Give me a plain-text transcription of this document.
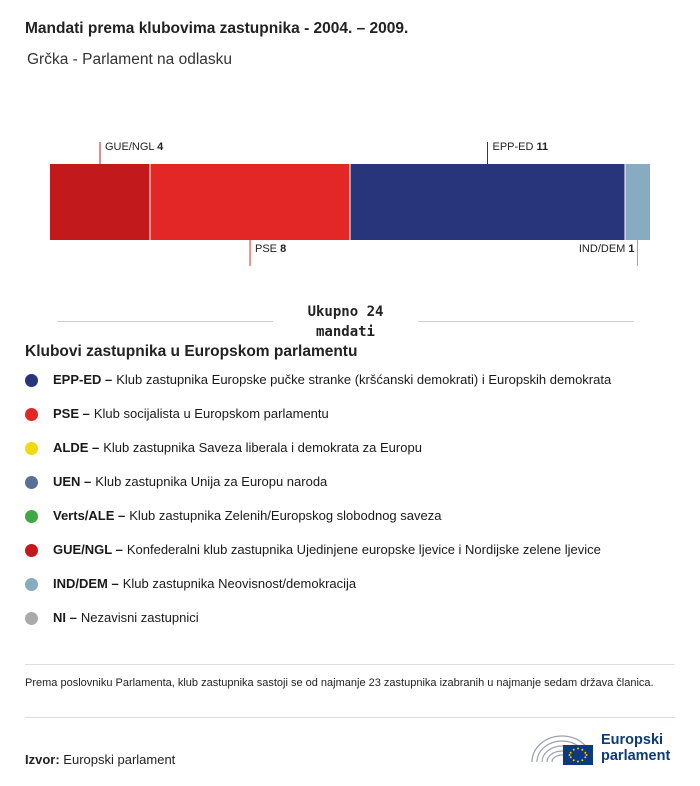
Mandati prema klubovima zastupnika - 2004. – 2009.
Grčka - Parlament na odlasku
GUE/NGL 4
PSE 8
EPP-ED 11
IND/DEM 1
Ukupno 24
mandati
Klubovi zastupnika u Europskom parlamentu
EPP-ED – Klub zastupnika Europske pučke stranke (kršćanski demokrati) i Europskih demokrata
PSE – Klub socijalista u Europskom parlamentu
ALDE – Klub zastupnika Saveza liberala i demokrata za Europu
UEN – Klub zastupnika Unija za Europu naroda
Verts/ALE – Klub zastupnika Zelenih/Europskog slobodnog saveza
GUE/NGL – Konfederalni klub zastupnika Ujedinjene europske ljevice i Nordijske zelene ljevice
IND/DEM – Klub zastupnika Neovisnost/demokracija
NI – Nezavisni zastupnici
Prema poslovniku Parlamenta, klub zastupnika sastoji se od najmanje 23 zastupnika izabranih u najmanje sedam država članica.
Izvor: Europski parlament
Europski
parlament
